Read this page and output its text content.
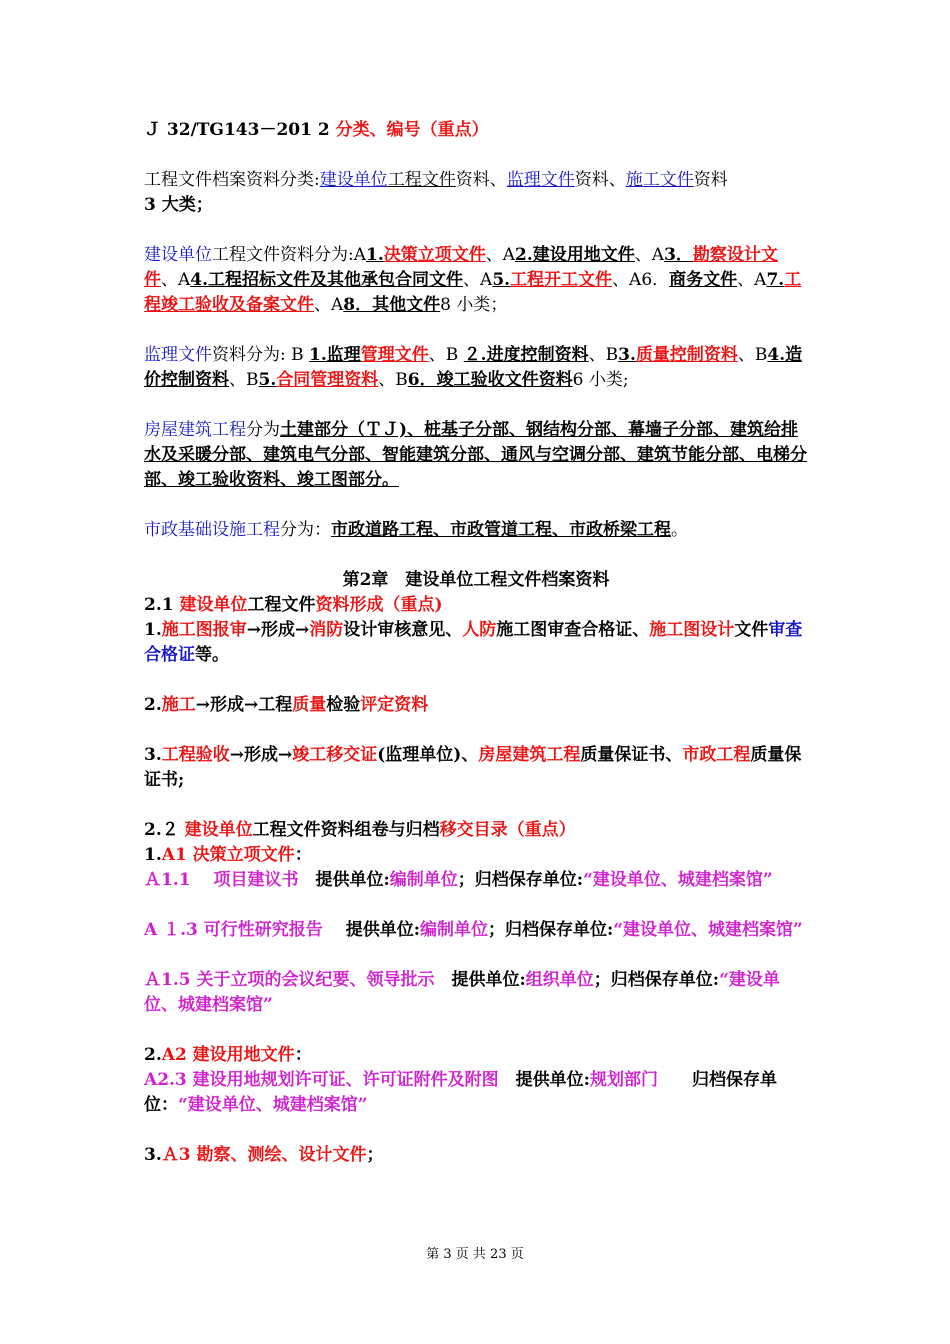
Ｊ 32/TG143－201 2 分类、编号（重点）

工程文件档案资料分类:建设单位工程文件资料、监理文件资料、施工文件资料
3 大类；

建设单位工程文件资料分为:A1.决策立项文件、A2.建设用地文件、A3．勘察设计文件、A4.工程招标文件及其他承包合同文件、A5.工程开工文件、A6．商务文件、A7.工程竣工验收及备案文件、A8．其他文件8 小类；

监理文件资料分为: B 1.监理管理文件、B ２.进度控制资料、B3.质量控制资料、B4.造价控制资料、B5.合同管理资料、B6．竣工验收文件资料6 小类;

房屋建筑工程分为土建部分（ＴＪ)、桩基子分部、钢结构分部、幕墙子分部、建筑给排水及采暖分部、建筑电气分部、智能建筑分部、通风与空调分部、建筑节能分部、电梯分部、竣工验收资料、竣工图部分。

市政基础设施工程分为：市政道路工程、市政管道工程、市政桥梁工程。

第2章　建设单位工程文件档案资料

2.1 建设单位工程文件资料形成（重点)

1.施工图报审→形成→消防设计审核意见、人防施工图审查合格证、施工图设计文件审查合格证等。

2.施工→形成→工程质量检验评定资料

3.工程验收→形成→竣工移交证(监理单位)、房屋建筑工程质量保证书、市政工程质量保证书;

2.２ 建设单位工程文件资料组卷与归档移交目录（重点）

1.A1 决策立项文件：

Ａ1.1　 项目建议书　提供单位:编制单位；归档保存单位:“建设单位、城建档案馆”

A １.3 可行性研究报告　 提供单位:编制单位；归档保存单位:“建设单位、城建档案馆”

Ａ1.5 关于立项的会议纪要、领导批示　提供单位:组织单位；归档保存单位:“建设单位、城建档案馆”

2.A2 建设用地文件：

A2.3 建设用地规划许可证、许可证附件及附图　提供单位:规划部门　　归档保存单位：“建设单位、城建档案馆”

3.Ａ3 勘察、测绘、设计文件；

第 3 页 共 23 页
